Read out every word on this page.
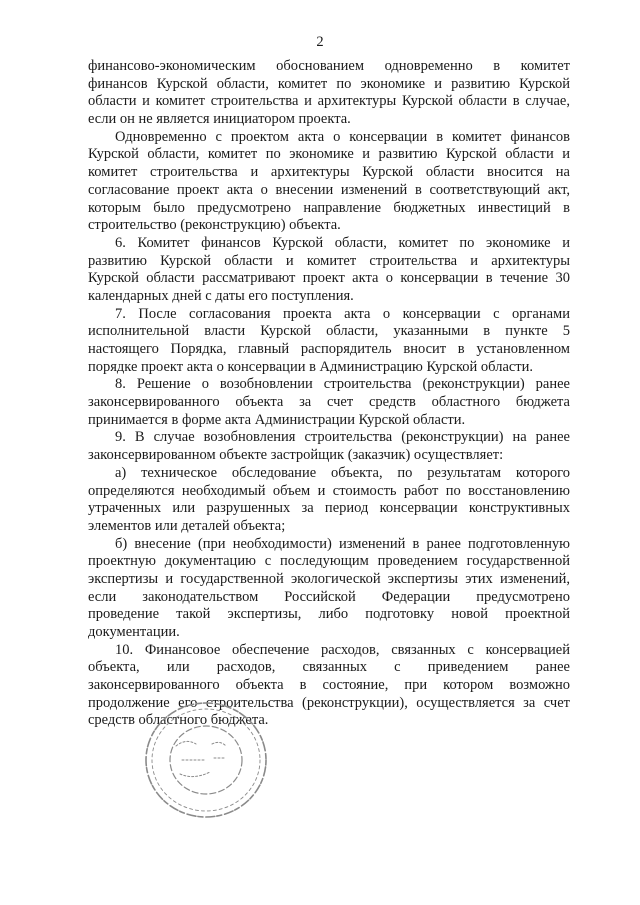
2
финансово-экономическим обоснованием одновременно в комитет
финансов Курской области, комитет по экономике и развитию Курской
области и комитет строительства и архитектуры Курской области в случае,
если он не является инициатором проекта.
Одновременно с проектом акта о консервации в комитет финансов
Курской области, комитет по экономике и развитию Курской области и
комитет строительства и архитектуры Курской области вносится на
согласование проект акта о внесении изменений в соответствующий акт,
которым было предусмотрено направление бюджетных инвестиций в
строительство (реконструкцию) объекта.
6. Комитет финансов Курской области, комитет по экономике и
развитию Курской области и комитет строительства и архитектуры
Курской области рассматривают проект акта о консервации в течение 30
календарных дней с даты его поступления.
7. После согласования проекта акта о консервации с органами
исполнительной власти Курской области, указанными в пункте 5
настоящего Порядка, главный распорядитель вносит в установленном
порядке проект акта о консервации в Администрацию Курской области.
8. Решение о возобновлении строительства (реконструкции) ранее
законсервированного объекта за счет средств областного бюджета
принимается в форме акта Администрации Курской области.
9. В случае возобновления строительства (реконструкции) на ранее
законсервированном объекте застройщик (заказчик) осуществляет:
а) техническое обследование объекта, по результатам которого
определяются необходимый объем и стоимость работ по восстановлению
утраченных или разрушенных за период консервации конструктивных
элементов или деталей объекта;
б) внесение (при необходимости) изменений в ранее подготовленную
проектную документацию с последующим проведением государственной
экспертизы и государственной экологической экспертизы этих изменений,
если законодательством Российской Федерации предусмотрено
проведение такой экспертизы, либо подготовку новой проектной
документации.
10. Финансовое обеспечение расходов, связанных с консервацией
объекта, или расходов, связанных с приведением ранее
законсервированного объекта в состояние, при котором возможно
продолжение его строительства (реконструкции), осуществляется за счет
средств областного бюджета.
